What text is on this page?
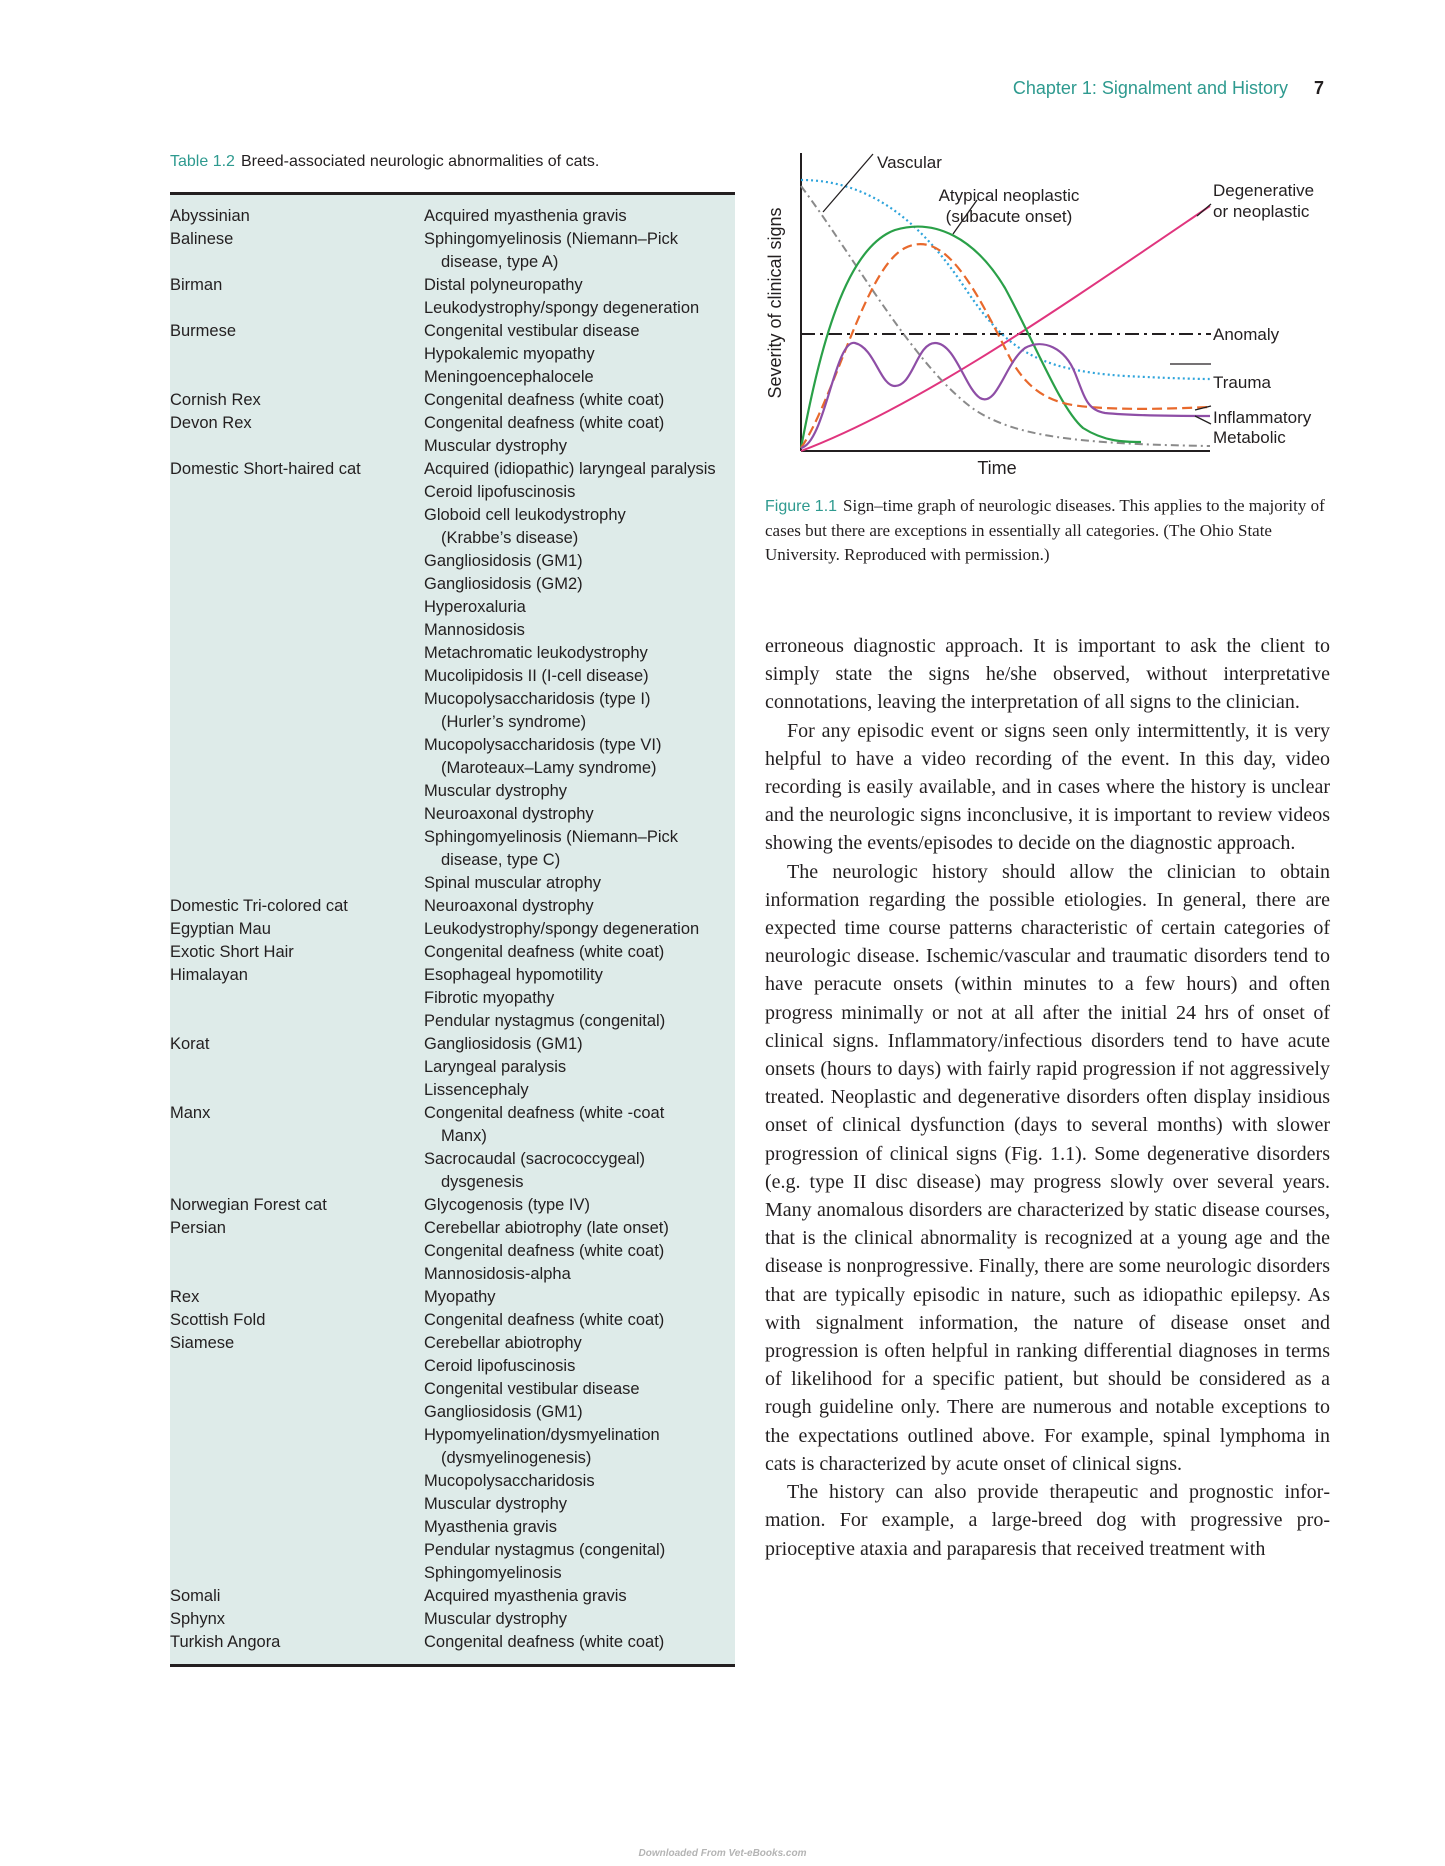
Chapter 1: Signalment and History 7
Table 1.2 Breed-associated neurologic abnormalities of cats.
Abyssinian	Acquired myasthenia gravis
Balinese	Sphingomyelinosis (Niemann–Pick
disease, type A)
Birman	Distal polyneuropathy
Leukodystrophy/spongy degeneration
Burmese	Congenital vestibular disease
Hypokalemic myopathy
Meningoencephalocele
Cornish Rex	Congenital deafness (white coat)
Devon Rex	Congenital deafness (white coat)
Muscular dystrophy
Domestic Short-haired cat	Acquired (idiopathic) laryngeal paralysis
Ceroid lipofuscinosis
Globoid cell leukodystrophy
(Krabbe’s disease)
Gangliosidosis (GM1)
Gangliosidosis (GM2)
Hyperoxaluria
Mannosidosis
Metachromatic leukodystrophy
Mucolipidosis II (I-cell disease)
Mucopolysaccharidosis (type I)
(Hurler’s syndrome)
Mucopolysaccharidosis (type VI)
(Maroteaux–Lamy syndrome)
Muscular dystrophy
Neuroaxonal dystrophy
Sphingomyelinosis (Niemann–Pick
disease, type C)
Spinal muscular atrophy
Domestic Tri-colored cat	Neuroaxonal dystrophy
Egyptian Mau	Leukodystrophy/spongy degeneration
Exotic Short Hair	Congenital deafness (white coat)
Himalayan	Esophageal hypomotility
Fibrotic myopathy
Pendular nystagmus (congenital)
Korat	Gangliosidosis (GM1)
Laryngeal paralysis
Lissencephaly
Manx	Congenital deafness (white -coat
Manx)
Sacrocaudal (sacrococcygeal)
dysgenesis
Norwegian Forest cat	Glycogenosis (type IV)
Persian	Cerebellar abiotrophy (late onset)
Congenital deafness (white coat)
Mannosidosis-alpha
Rex	Myopathy
Scottish Fold	Congenital deafness (white coat)
Siamese	Cerebellar abiotrophy
Ceroid lipofuscinosis
Congenital vestibular disease
Gangliosidosis (GM1)
Hypomyelination/dysmyelination
(dysmyelinogenesis)
Mucopolysaccharidosis
Muscular dystrophy
Myasthenia gravis
Pendular nystagmus (congenital)
Sphingomyelinosis
Somali	Acquired myasthenia gravis
Sphynx	Muscular dystrophy
Turkish Angora	Congenital deafness (white coat)
Severity of clinical signs
Time
Vascular
Atypical neoplastic
(subacute onset)
Degenerative
or neoplastic
Anomaly
Trauma
Inflammatory
Metabolic
Figure 1.1 Sign–time graph of neurologic diseases. This applies to the majority of cases but there are exceptions in essentially all categories. (The Ohio State University. Reproduced with permission.)

erroneous diagnostic approach. It is important to ask the client to simply state the signs he/she observed, without interpretative connotations, leaving the interpretation of all signs to the clinician.

For any episodic event or signs seen only intermittently, it is very helpful to have a video recording of the event. In this day, video recording is easily available, and in cases where the history is unclear and the neurologic signs inconclusive, it is important to review videos showing the events/episodes to decide on the diagnostic approach.

The neurologic history should allow the clinician to obtain information regarding the possible etiologies. In general, there are expected time course patterns characteristic of certain categories of neurologic disease. Ischemic/vascular and traumatic disorders tend to have peracute onsets (within minutes to a few hours) and often progress minimally or not at all after the initial 24 hrs of onset of clinical signs. Inflammatory/infectious disorders tend to have acute onsets (hours to days) with fairly rapid progression if not aggressively treated. Neoplastic and degenerative disorders often display insidious onset of clinical dysfunction (days to several months) with slower progression of clinical signs (Fig. 1.1). Some degenerative disorders (e.g. type II disc disease) may progress slowly over several years. Many anomalous disorders are characterized by static disease courses, that is the clinical abnormality is recognized at a young age and the disease is nonprogressive. Finally, there are some neurologic disorders that are typically episodic in nature, such as idiopathic epilepsy. As with signalment information, the nature of disease onset and progression is often helpful in ranking differential diagnoses in terms of likelihood for a specific patient, but should be considered as a rough guideline only. There are numerous and notable exceptions to the expectations outlined above. For example, spinal lymphoma in cats is characterized by acute onset of clinical signs.

The history can also provide therapeutic and prognostic information. For example, a large-breed dog with progressive proprioceptive ataxia and paraparesis that received treatment with

Downloaded From Vet-eBooks.com
